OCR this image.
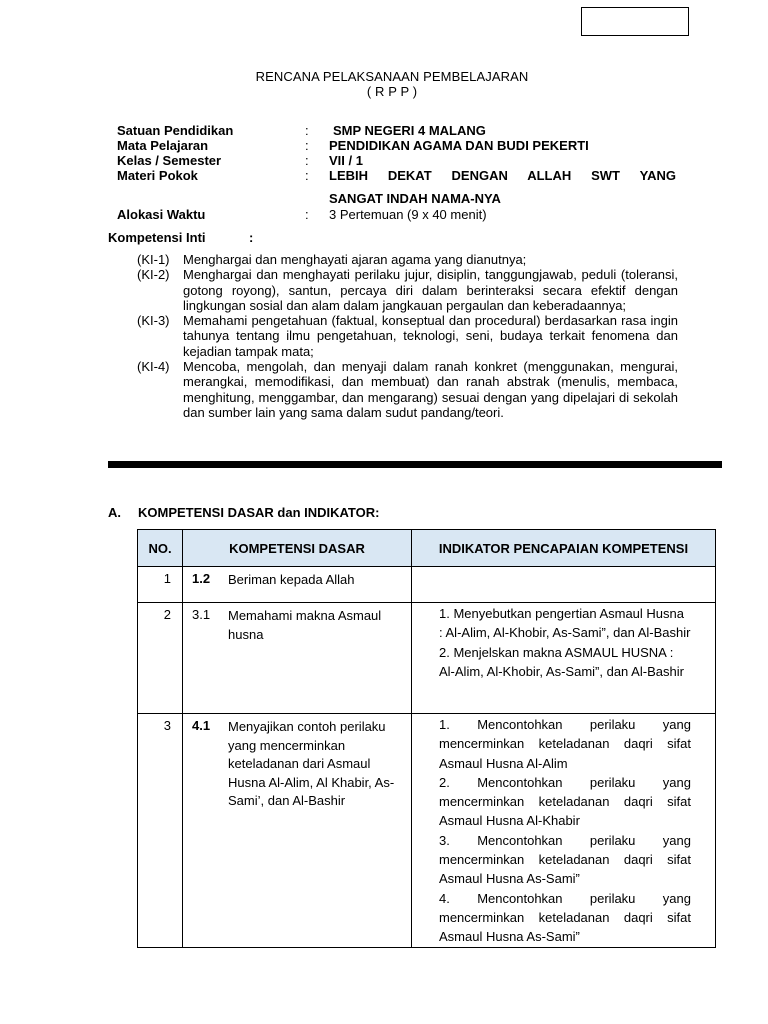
RENCANA PELAKSANAAN PEMBELAJARAN
( R P P )
Satuan Pendidikan	:	SMP NEGERI 4 MALANG
Mata Pelajaran	:	PENDIDIKAN AGAMA DAN BUDI PEKERTI
Kelas / Semester	:	VII / 1
Materi Pokok	:	LEBIH DEKAT DENGAN ALLAH SWT YANG
SANGAT INDAH NAMA-NYA
Alokasi Waktu	:	3 Pertemuan (9 x 40 menit)
Kompetensi Inti	:
(KI-1) Menghargai dan menghayati ajaran agama yang dianutnya;
(KI-2) Menghargai dan menghayati perilaku jujur, disiplin, tanggungjawab, peduli (toleransi, gotong royong), santun, percaya diri dalam berinteraksi secara efektif dengan lingkungan sosial dan alam dalam jangkauan pergaulan dan keberadaannya;
(KI-3) Memahami pengetahuan (faktual, konseptual dan procedural) berdasarkan rasa ingin tahunya tentang ilmu pengetahuan, teknologi, seni, budaya terkait fenomena dan kejadian tampak mata;
(KI-4) Mencoba, mengolah, dan menyaji dalam ranah konkret (menggunakan, mengurai, merangkai, memodifikasi, dan membuat) dan ranah abstrak (menulis, membaca, menghitung, menggambar, dan mengarang) sesuai dengan yang dipelajari di sekolah dan sumber lain yang sama dalam sudut pandang/teori.
A. KOMPETENSI DASAR dan INDIKATOR:
NO.	KOMPETENSI DASAR	INDIKATOR PENCAPAIAN KOMPETENSI
1	1.2 Beriman kepada Allah	
2	3.1 Memahami makna Asmaul husna	1. Menyebutkan pengertian Asmaul Husna : Al-Alim, Al-Khobir, As-Sami”, dan Al-Bashir

2. Menjelskan makna ASMAUL HUSNA : Al-Alim, Al-Khobir, As-Sami”, dan Al-Bashir

3	4.1 Menyajikan contoh perilaku yang mencerminkan keteladanan dari Asmaul Husna Al-Alim, Al Khabir, As-Sami’, dan Al-Bashir	1. Mencontohkan perilaku yang mencerminkan keteladanan daqri sifat Asmaul Husna Al-Alim

2. Mencontohkan perilaku yang mencerminkan keteladanan daqri sifat Asmaul Husna Al-Khabir

3. Mencontohkan perilaku yang mencerminkan keteladanan daqri sifat Asmaul Husna As-Sami”

4. Mencontohkan perilaku yang mencerminkan keteladanan daqri sifat Asmaul Husna As-Sami”
